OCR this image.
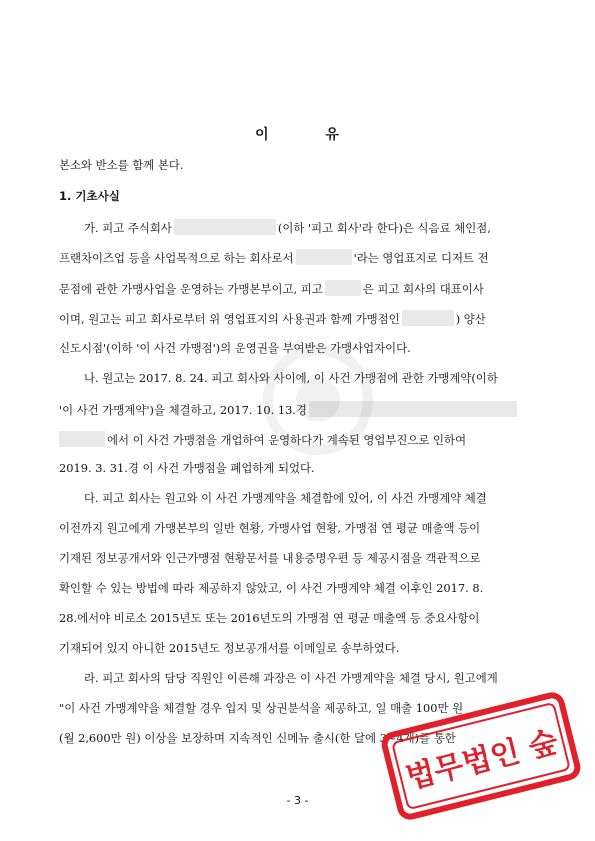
이	유
본소와 반소를 함께 본다.
1. 기초사실
가. 피고 주식회사	(이하 '피고 회사'라 한다)은 식음료 체인점,
프랜차이즈업 등을 사업목적으로 하는 회사로서	'라는 영업표지로 디저트 전
문점에 관한 가맹사업을 운영하는 가맹본부이고, 피고	은 피고 회사의 대표이사
이며, 원고는 피고 회사로부터 위 영업표지의 사용권과 함께 가맹점인	) 양산
신도시점'(이하 '이 사건 가맹점')의 운영권을 부여받은 가맹사업자이다.
나. 원고는 2017. 8. 24. 피고 회사와 사이에, 이 사건 가맹점에 관한 가맹계약(이하
'이 사건 가맹계약')을 체결하고, 2017. 10. 13.경
에서 이 사건 가맹점을 개업하여 운영하다가 계속된 영업부진으로 인하여
2019. 3. 31.경 이 사건 가맹점을 폐업하게 되었다.
다. 피고 회사는 원고와 이 사건 가맹계약을 체결함에 있어, 이 사건 가맹계약 체결
이전까지 원고에게 가맹본부의 일반 현황, 가맹사업 현황, 가맹점 연 평균 매출액 등이
기재된 정보공개서와 인근가맹점 현황문서를 내용증명우편 등 제공시점을 객관적으로
확인할 수 있는 방법에 따라 제공하지 않았고, 이 사건 가맹계약 체결 이후인 2017. 8.
28.에서야 비로소 2015년도 또는 2016년도의 가맹점 연 평균 매출액 등 중요사항이
기재되어 있지 아니한 2015년도 정보공개서를 이메일로 송부하였다.
라. 피고 회사의 담당 직원인 이른해 과장은 이 사건 가맹계약을 체결 당시, 원고에게
"이 사건 가맹계약을 체결할 경우 입지 및 상권분석을 제공하고, 일 매출 100만 원
(월 2,600만 원) 이상을 보장하며 지속적인 신메뉴 출시(한 달에 3~4개)를 통한
법무법인 숲
- 3 -
